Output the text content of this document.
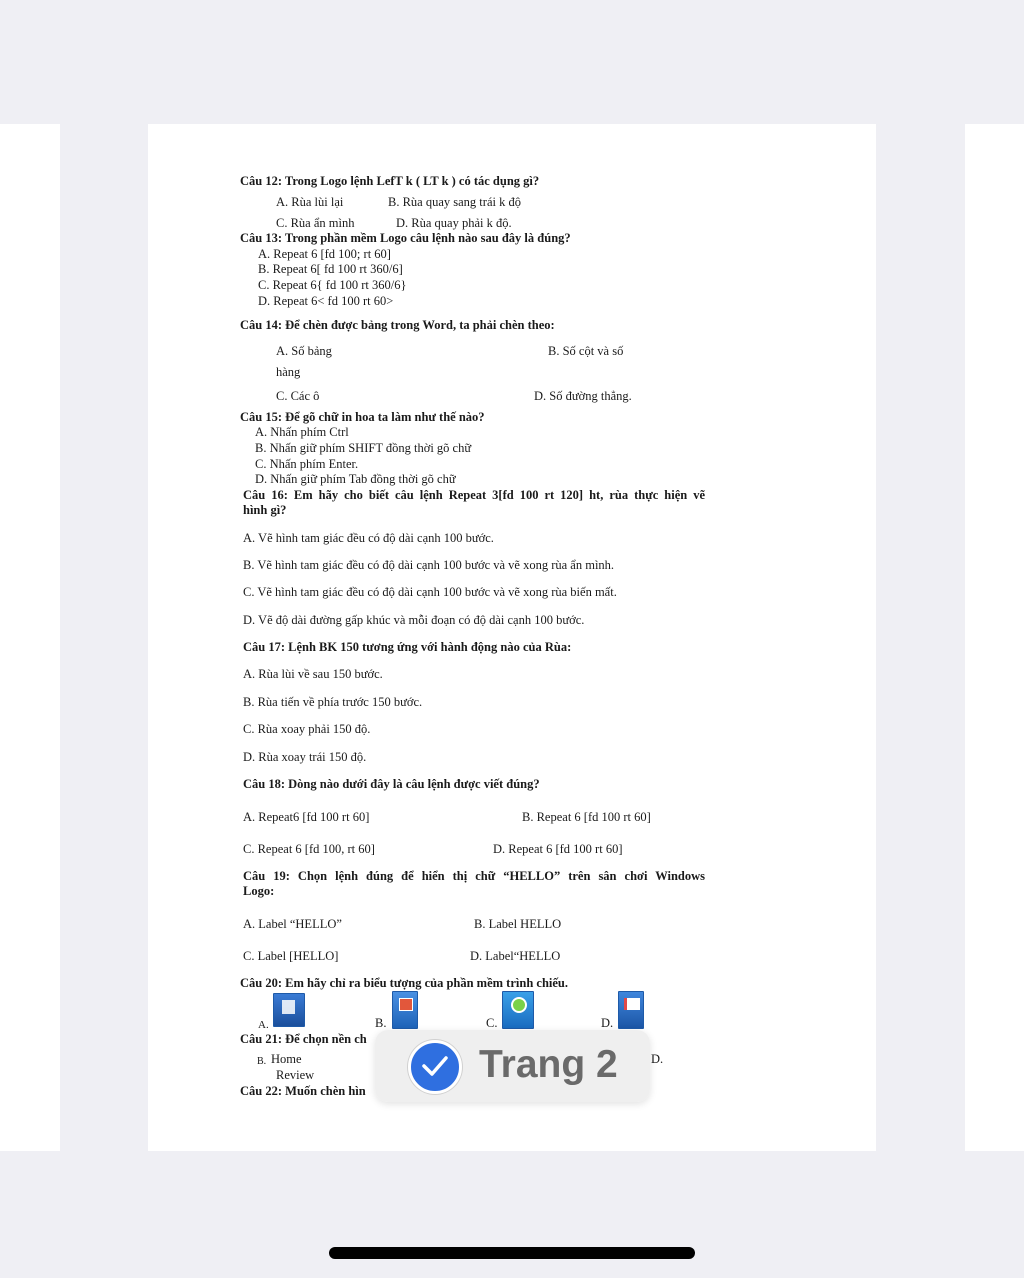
Câu 12: Trong Logo lệnh LefT k ( LT k ) có tác dụng gì?
A. Rùa lùi lại	B. Rùa quay sang trái k độ
C. Rùa ẩn mình	D. Rùa quay phải k độ.
Câu 13: Trong phần mềm Logo câu lệnh nào sau đây là đúng?
A. Repeat 6 [fd 100; rt 60]
B. Repeat 6[ fd 100 rt 360/6]
C. Repeat 6{ fd 100 rt 360/6}
D. Repeat 6< fd 100 rt 60>
Câu 14: Để chèn được bảng trong Word, ta phải chèn theo:
A. Số bảng	B. Số cột và số
hàng
C. Các ô	D. Số đường thẳng.
Câu 15: Để gõ chữ in hoa ta làm như thế nào?
A. Nhấn phím Ctrl
B. Nhấn giữ phím SHIFT đồng thời gõ chữ
C. Nhấn phím Enter.
D. Nhấn giữ phím Tab đồng thời gõ chữ
Câu 16: Em hãy cho biết câu lệnh Repeat 3[fd 100 rt 120] ht, rùa thực hiện vẽ
hình gì?
A. Vẽ hình tam giác đều có độ dài cạnh 100 bước.
B. Vẽ hình tam giác đều có độ dài cạnh 100 bước và vẽ xong rùa ẩn mình.
C. Vẽ hình tam giác đều có độ dài cạnh 100 bước và vẽ xong rùa biến mất.
D. Vẽ độ dài đường gấp khúc và mỗi đoạn có độ dài cạnh 100 bước.
Câu 17: Lệnh BK 150 tương ứng với hành động nào của Rùa:
A. Rùa lùi về sau 150 bước.
B. Rùa tiến về phía trước 150 bước.
C. Rùa xoay phải 150 độ.
D. Rùa xoay trái 150 độ.
Câu 18: Dòng nào dưới đây là câu lệnh được viết đúng?
A. Repeat6 [fd 100 rt 60]	B. Repeat 6 [fd 100 rt 60]
C. Repeat 6 [fd 100, rt 60]	D. Repeat 6 [fd 100 rt 60]
Câu 19: Chọn lệnh đúng để hiển thị chữ “HELLO” trên sân chơi Windows
Logo:
A. Label “HELLO”	B. Label HELLO
C. Label [HELLO]	D. Label“HELLO
Câu 20: Em hãy chỉ ra biểu tượng của phần mềm trình chiếu.
A.	B.	C.	D.
Câu 21: Để chọn nền ch
B. Home
Review
D.
Câu 22: Muốn chèn hìn
Trang 2
